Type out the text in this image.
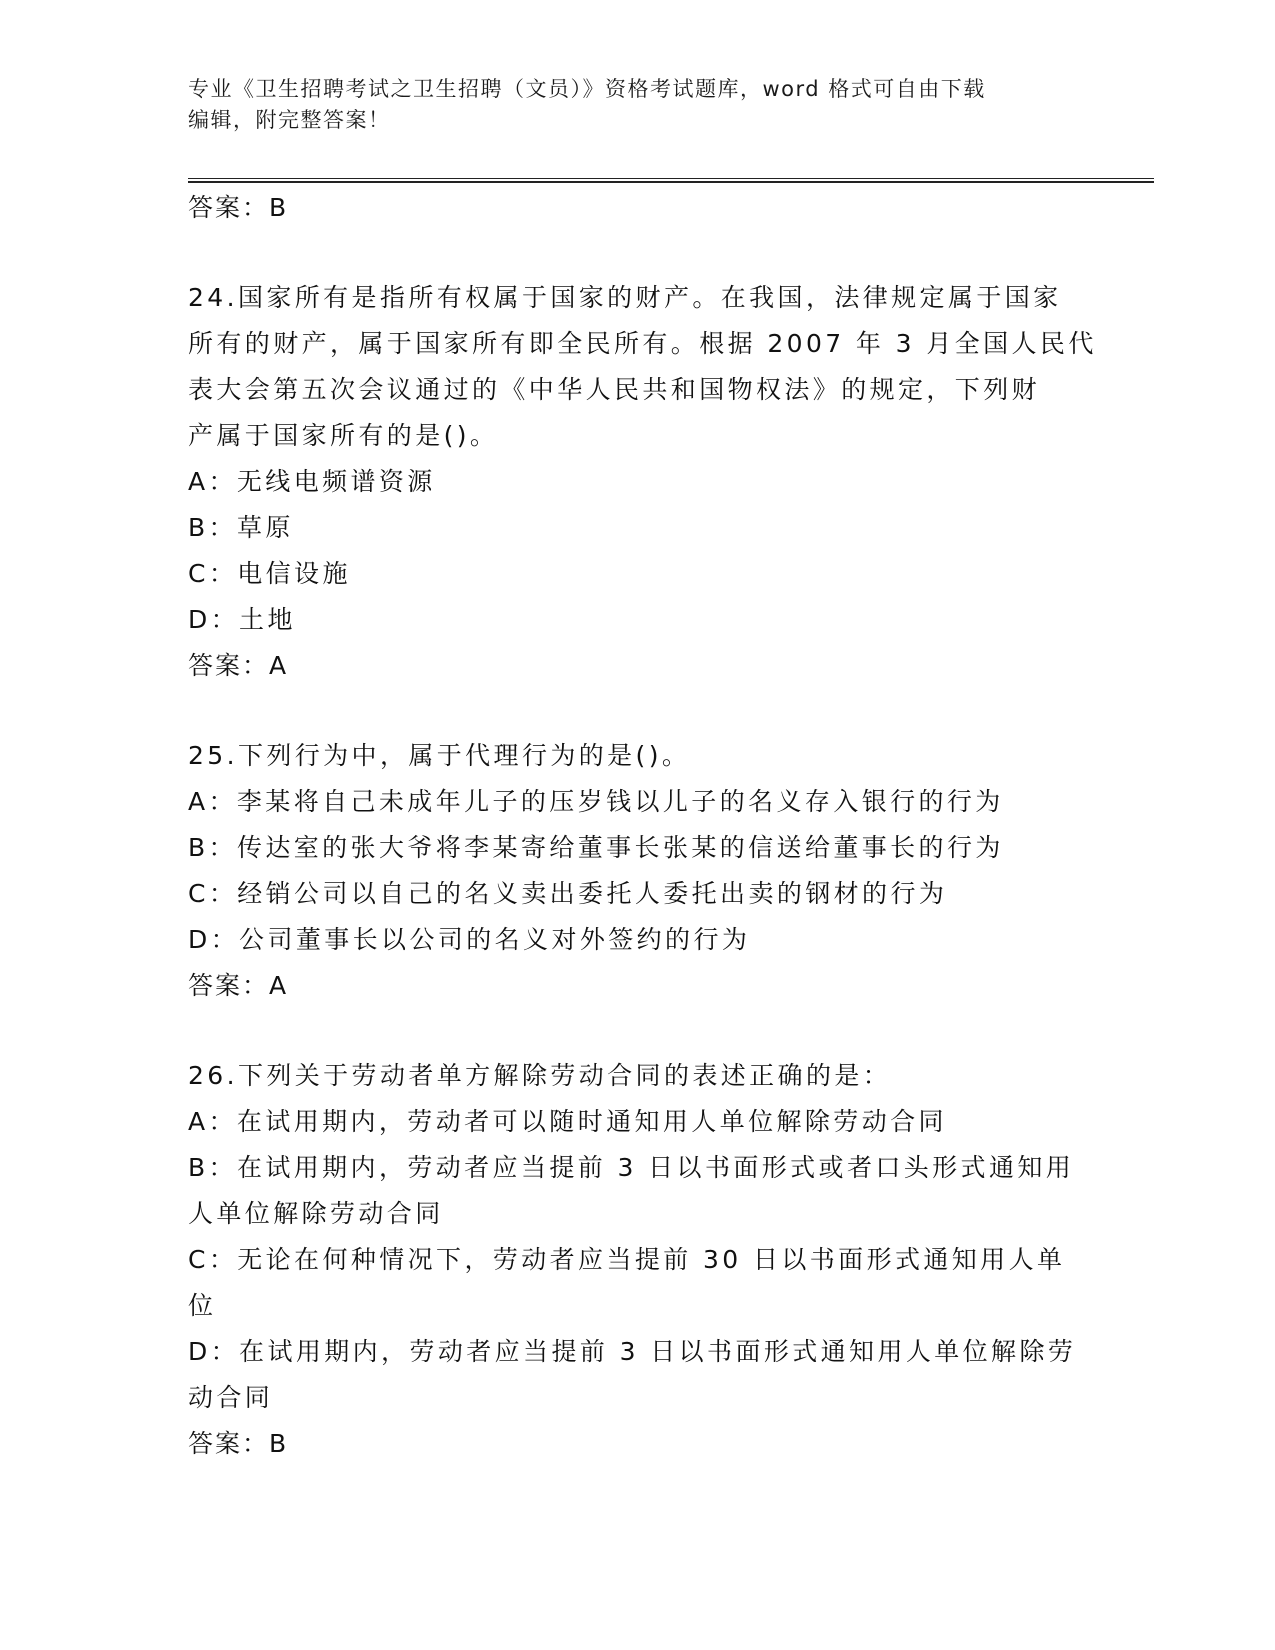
专业《卫生招聘考试之卫生招聘（文员）》资格考试题库，word 格式可自由下载
编辑，附完整答案！
答案：B
24.国家所有是指所有权属于国家的财产。在我国，法律规定属于国家
所有的财产，属于国家所有即全民所有。根据 2007 年 3 月全国人民代
表大会第五次会议通过的《中华人民共和国物权法》的规定，下列财
产属于国家所有的是()。
A：无线电频谱资源
B：草原
C：电信设施
D：土地
答案：A
25.下列行为中，属于代理行为的是()。
A：李某将自己未成年儿子的压岁钱以儿子的名义存入银行的行为
B：传达室的张大爷将李某寄给董事长张某的信送给董事长的行为
C：经销公司以自己的名义卖出委托人委托出卖的钢材的行为
D：公司董事长以公司的名义对外签约的行为
答案：A
26.下列关于劳动者单方解除劳动合同的表述正确的是：
A：在试用期内，劳动者可以随时通知用人单位解除劳动合同
B：在试用期内，劳动者应当提前 3 日以书面形式或者口头形式通知用
人单位解除劳动合同
C：无论在何种情况下，劳动者应当提前 30 日以书面形式通知用人单
位
D：在试用期内，劳动者应当提前 3 日以书面形式通知用人单位解除劳
动合同
答案：B
